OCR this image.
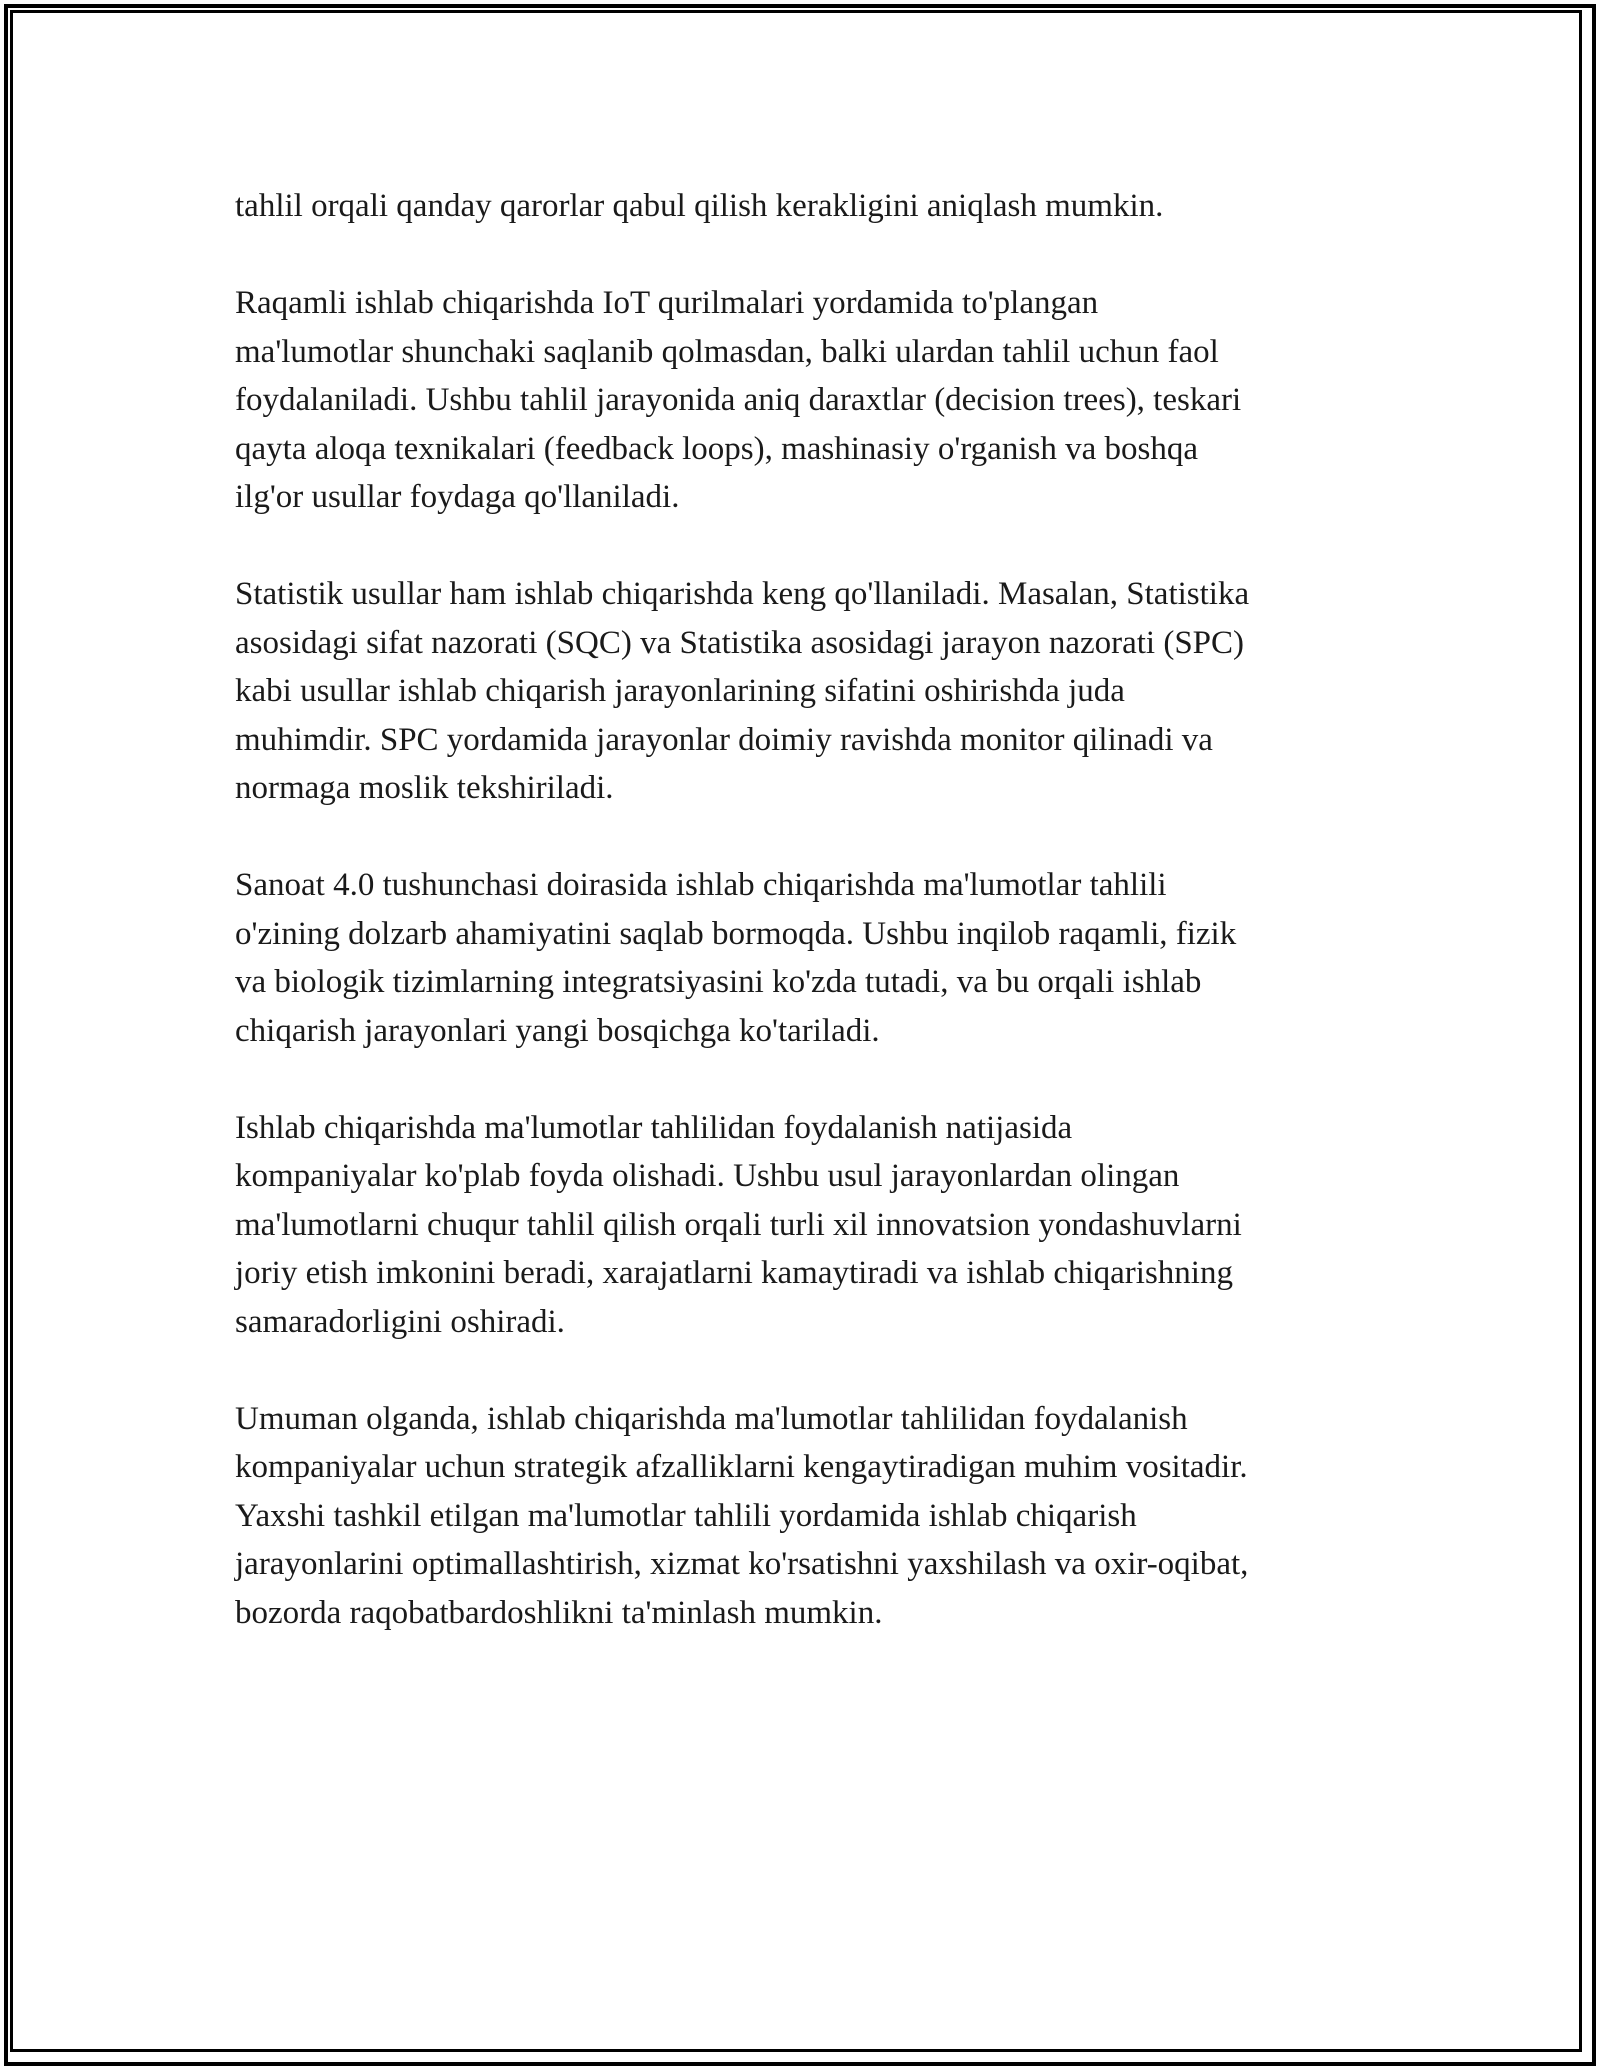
tahlil orqali qanday qarorlar qabul qilish kerakligini aniqlash mumkin.

Raqamli ishlab chiqarishda IoT qurilmalari yordamida to'plangan
ma'lumotlar shunchaki saqlanib qolmasdan, balki ulardan tahlil uchun faol
foydalaniladi. Ushbu tahlil jarayonida aniq daraxtlar (decision trees), teskari
qayta aloqa texnikalari (feedback loops), mashinasiy o'rganish va boshqa
ilg'or usullar foydaga qo'llaniladi.

Statistik usullar ham ishlab chiqarishda keng qo'llaniladi. Masalan, Statistika
asosidagi sifat nazorati (SQC) va Statistika asosidagi jarayon nazorati (SPC)
kabi usullar ishlab chiqarish jarayonlarining sifatini oshirishda juda
muhimdir. SPC yordamida jarayonlar doimiy ravishda monitor qilinadi va
normaga moslik tekshiriladi.

Sanoat 4.0 tushunchasi doirasida ishlab chiqarishda ma'lumotlar tahlili
o'zining dolzarb ahamiyatini saqlab bormoqda. Ushbu inqilob raqamli, fizik
va biologik tizimlarning integratsiyasini ko'zda tutadi, va bu orqali ishlab
chiqarish jarayonlari yangi bosqichga ko'tariladi.

Ishlab chiqarishda ma'lumotlar tahlilidan foydalanish natijasida
kompaniyalar ko'plab foyda olishadi. Ushbu usul jarayonlardan olingan
ma'lumotlarni chuqur tahlil qilish orqali turli xil innovatsion yondashuvlarni
joriy etish imkonini beradi, xarajatlarni kamaytiradi va ishlab chiqarishning
samaradorligini oshiradi.

Umuman olganda, ishlab chiqarishda ma'lumotlar tahlilidan foydalanish
kompaniyalar uchun strategik afzalliklarni kengaytiradigan muhim vositadir.
Yaxshi tashkil etilgan ma'lumotlar tahlili yordamida ishlab chiqarish
jarayonlarini optimallashtirish, xizmat ko'rsatishni yaxshilash va oxir-oqibat,
bozorda raqobatbardoshlikni ta'minlash mumkin.
